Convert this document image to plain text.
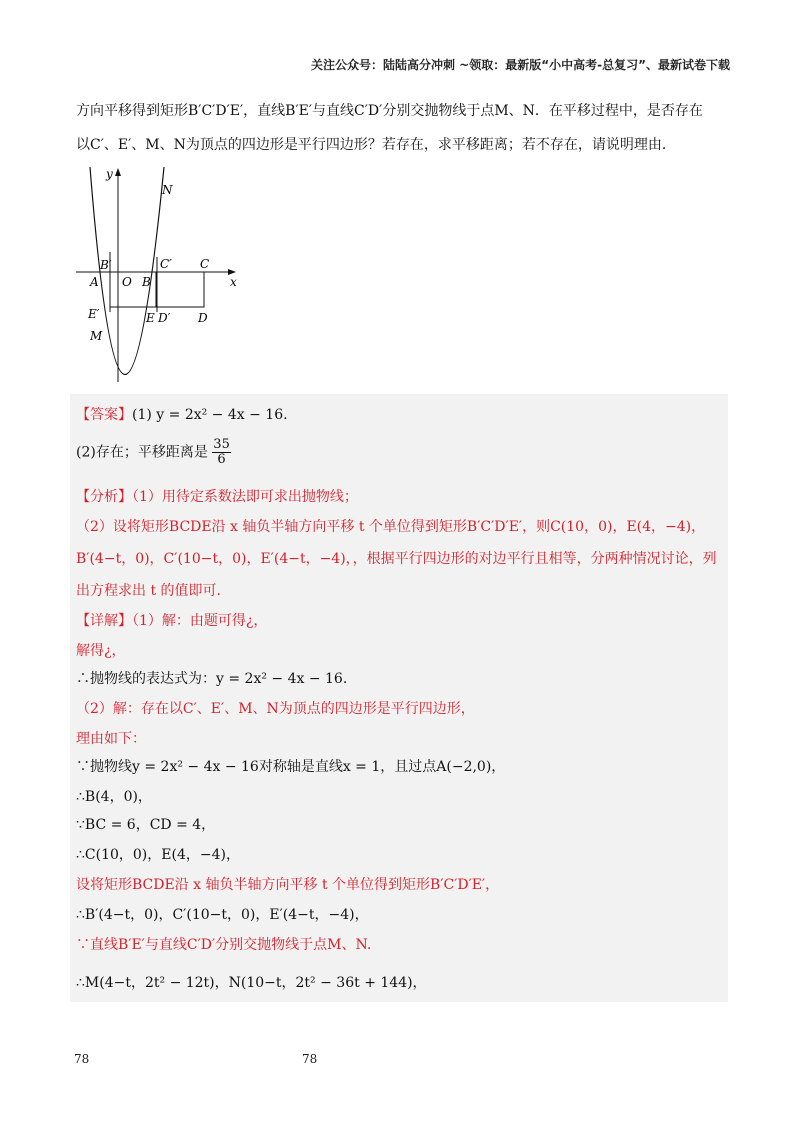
关注公众号：陆陆高分冲刺 ~领取：最新版“小中高考-总复习”、最新试卷下载
方向平移得到矩形B′C′D′E′，直线B′E′与直线C′D′分别交抛物线于点M、N．在平移过程中，是否存在
以C′、E′、M、N为顶点的四边形是平行四边形？若存在，求平移距离；若不存在，请说明理由．
y
x
N
C′ C
B′
A O B
E′
M
E D′ D
【答案】(1) y = 2x² − 4x − 16.
(2)存在；平移距离是 $\frac{35}{6}$
【分析】（1）用待定系数法即可求出抛物线；
（2）设将矩形BCDE沿 x 轴负半轴方向平移 t 个单位得到矩形B′C′D′E′，则C(10，0)，E(4，−4)，
B′(4−t，0)，C′(10−t，0)，E′(4−t，−4)，，根据平行四边形的对边平行且相等，分两种情况讨论，列
出方程求出 t 的值即可．
【详解】（1）解：由题可得¿，
解得¿，
∴抛物线的表达式为：y = 2x² − 4x − 16.
（2）解：存在以C′、E′、M、N为顶点的四边形是平行四边形，
理由如下：
∵抛物线y = 2x² − 4x − 16对称轴是直线x = 1，且过点A(−2,0)，
∴B(4，0)，
∵BC = 6，CD = 4，
∴C(10，0)，E(4，−4)，
设将矩形BCDE沿 x 轴负半轴方向平移 t 个单位得到矩形B′C′D′E′，
∴B′(4−t，0)，C′(10−t，0)，E′(4−t，−4)，
∵直线B′E′与直线C′D′分别交抛物线于点M、N.
∴M(4−t，2t² − 12t)，N(10−t，2t² − 36t + 144)，
78	78
